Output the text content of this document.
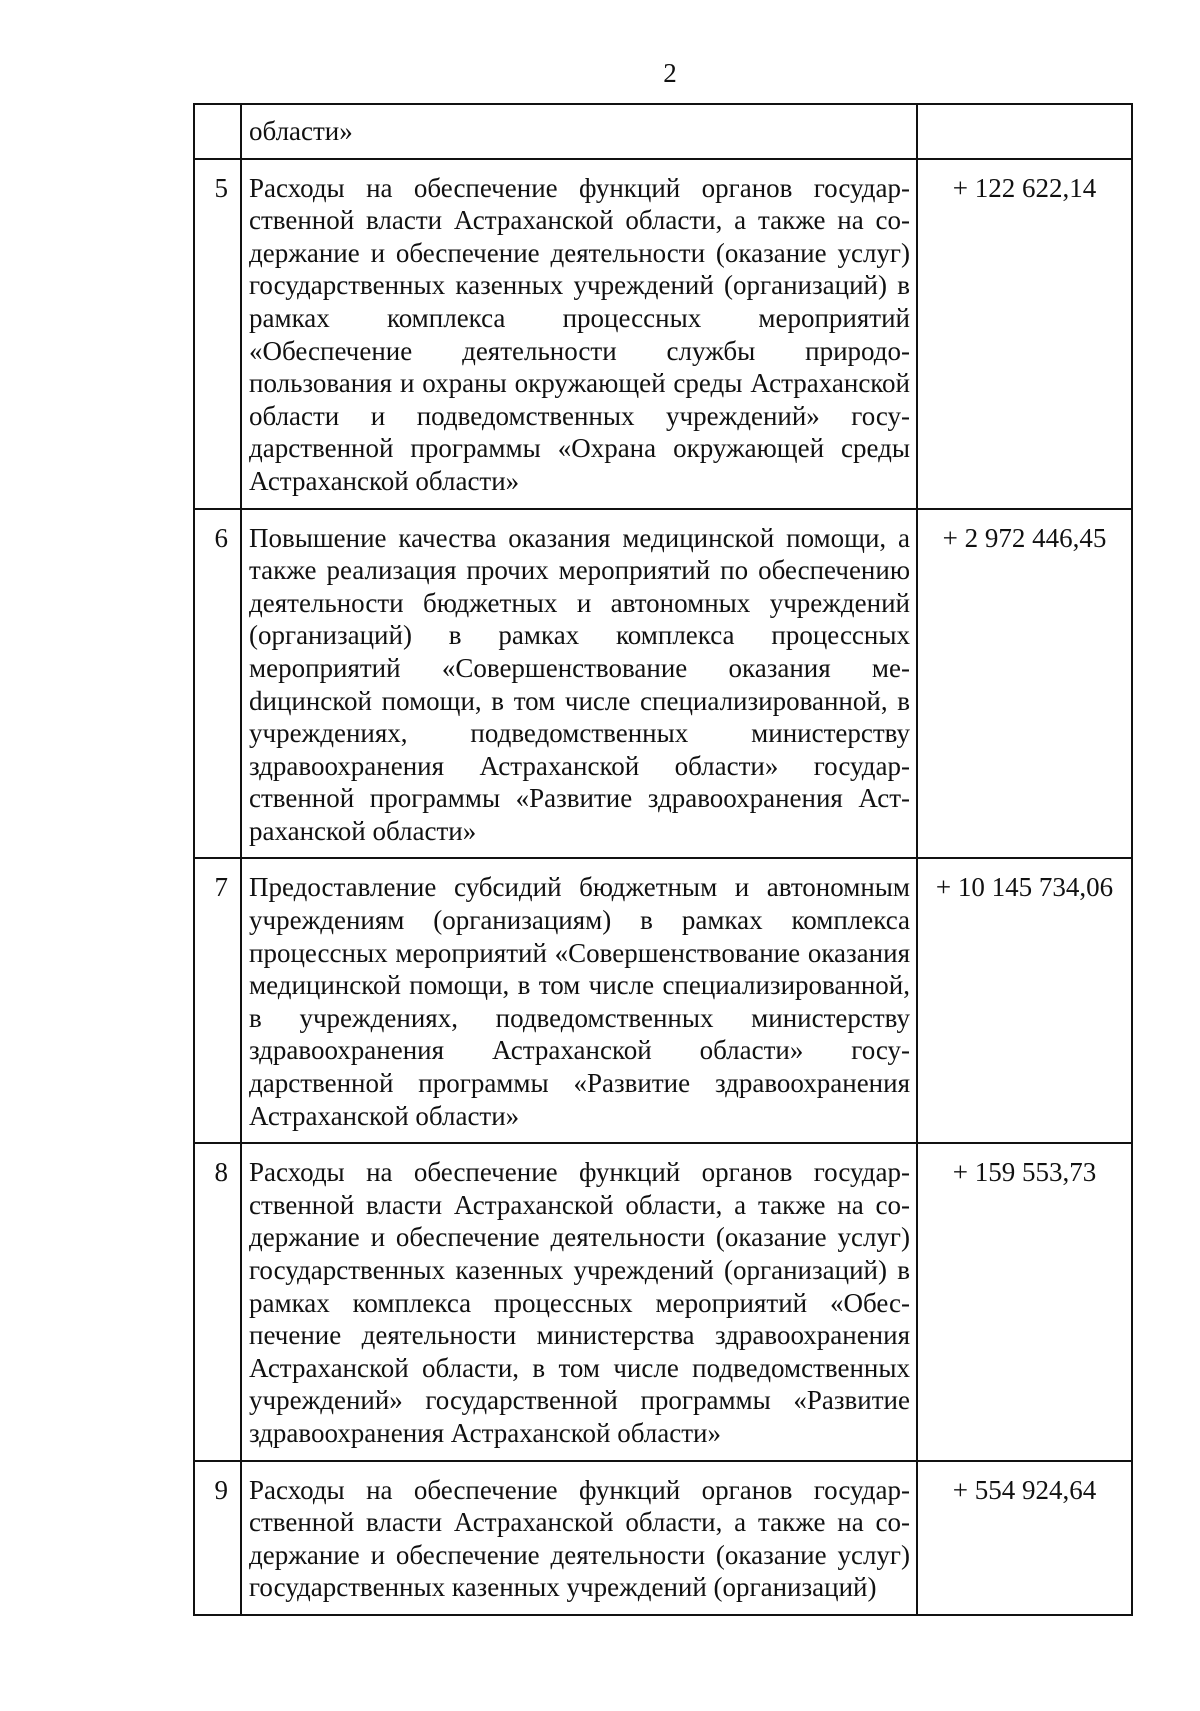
2
	области»	
5	Расходы на обеспечение функций органов государственной власти Астраханской области, а также на содержание и обеспечение деятельности (оказание услуг) государственных казенных учреждений (организаций) в рамках комплекса процессных мероприятий «Обеспечение деятельности службы природопользования и охраны окружающей среды Астраханской области и подведомственных учреждений» государственной программы «Охрана окружающей среды Астраханской области»	+ 122 622,14
6	Повышение качества оказания медицинской помощи, а также реализация прочих мероприятий по обеспечению деятельности бюджетных и автономных учреждений (организаций) в рамках комплекса процессных мероприятий «Совершенствование оказания меdицинской помощи, в том числе специализированной, в учреждениях, подведомственных министерству здравоохранения Астраханской области» государственной программы «Развитие здравоохранения Астраханской области»	+ 2 972 446,45
7	Предоставление субсидий бюджетным и автономным учреждениям (организациям) в рамках комплекса процессных мероприятий «Совершенствование оказания медицинской помощи, в том числе специализированной, в учреждениях, подведомственных министерству здравоохранения Астраханской области» государственной программы «Развитие здравоохранения Астраханской области»	+ 10 145 734,06
8	Расходы на обеспечение функций органов государственной власти Астраханской области, а также на содержание и обеспечение деятельности (оказание услуг) государственных казенных учреждений (организаций) в рамках комплекса процессных мероприятий «Обеспечение деятельности министерства здравоохранения Астраханской области, в том числе подведомственных учреждений» государственной программы «Развитие здравоохранения Астраханской области»	+ 159 553,73
9	Расходы на обеспечение функций органов государственной власти Астраханской области, а также на содержание и обеспечение деятельности (оказание услуг) государственных казенных учреждений (организаций)	+ 554 924,64
